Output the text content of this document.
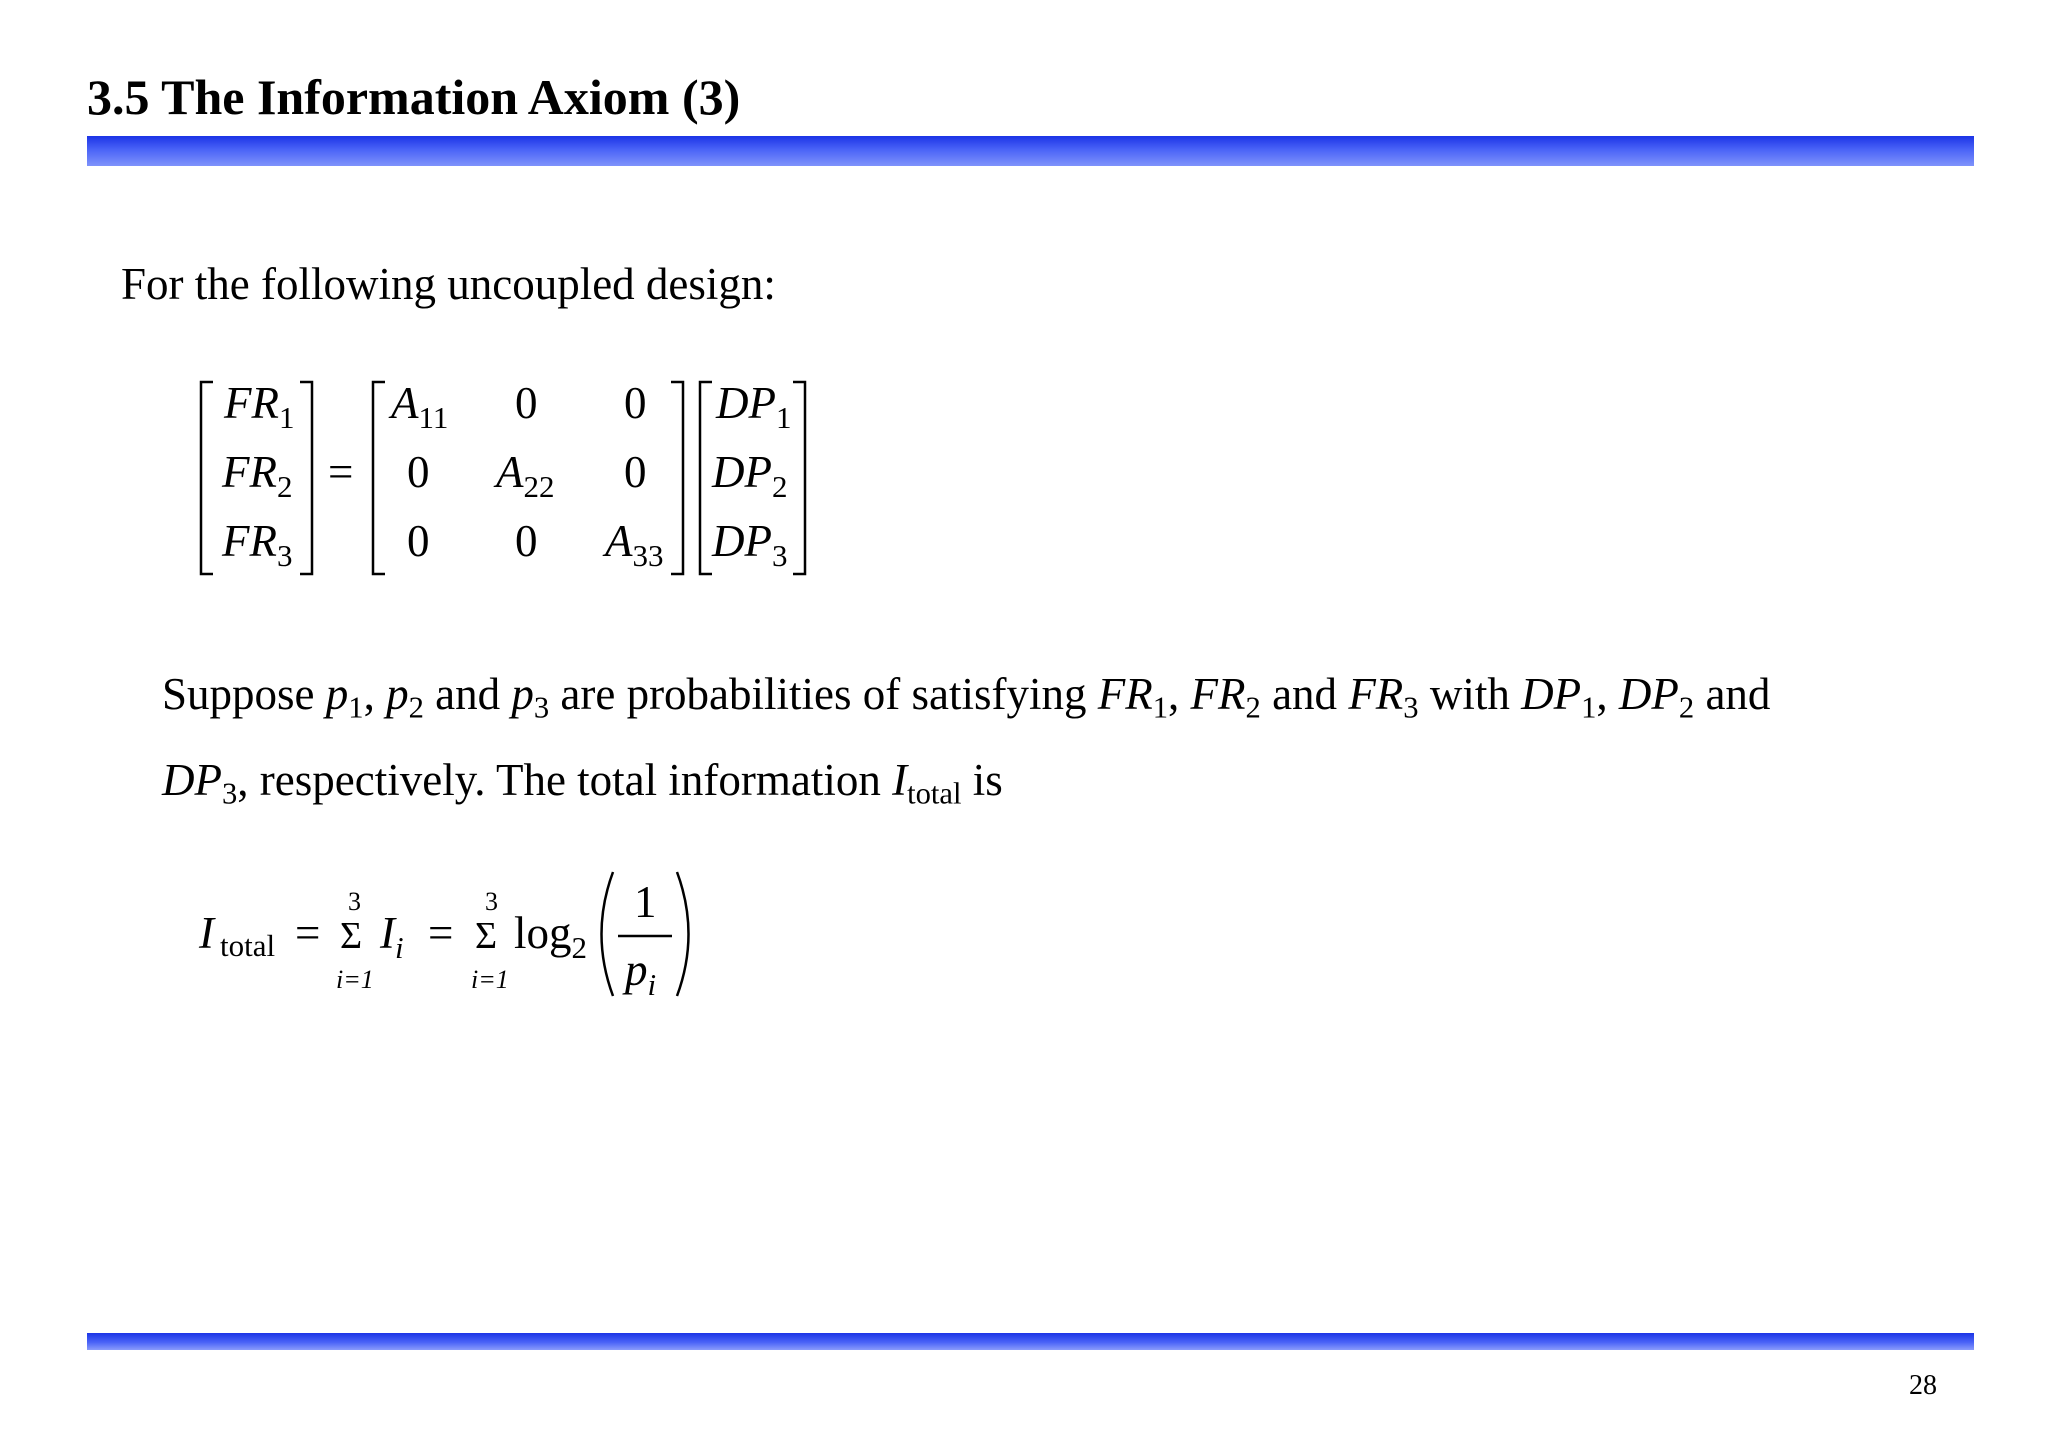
3.5 The Information Axiom (3)
For the following uncoupled design:
$FR_1$
$FR_2$
$FR_3$
=
$A_{11}$ 0 0
0 $A_{22}$ 0
0 0 $A_{33}$
$DP_1$
$DP_2$
$DP_3$
I total =
3
Σ
i=1
$I_i$ =
3
Σ
i=1
$\log_2$
1
$p_i$
Suppose $p_1$, $p_2$ and $p_3$ are probabilities of satisfying $FR_1$, $FR_2$ and $FR_3$ with $DP_1$, $DP_2$ and
$DP_3$, respectively. The total information $I_{total}$ is
28
